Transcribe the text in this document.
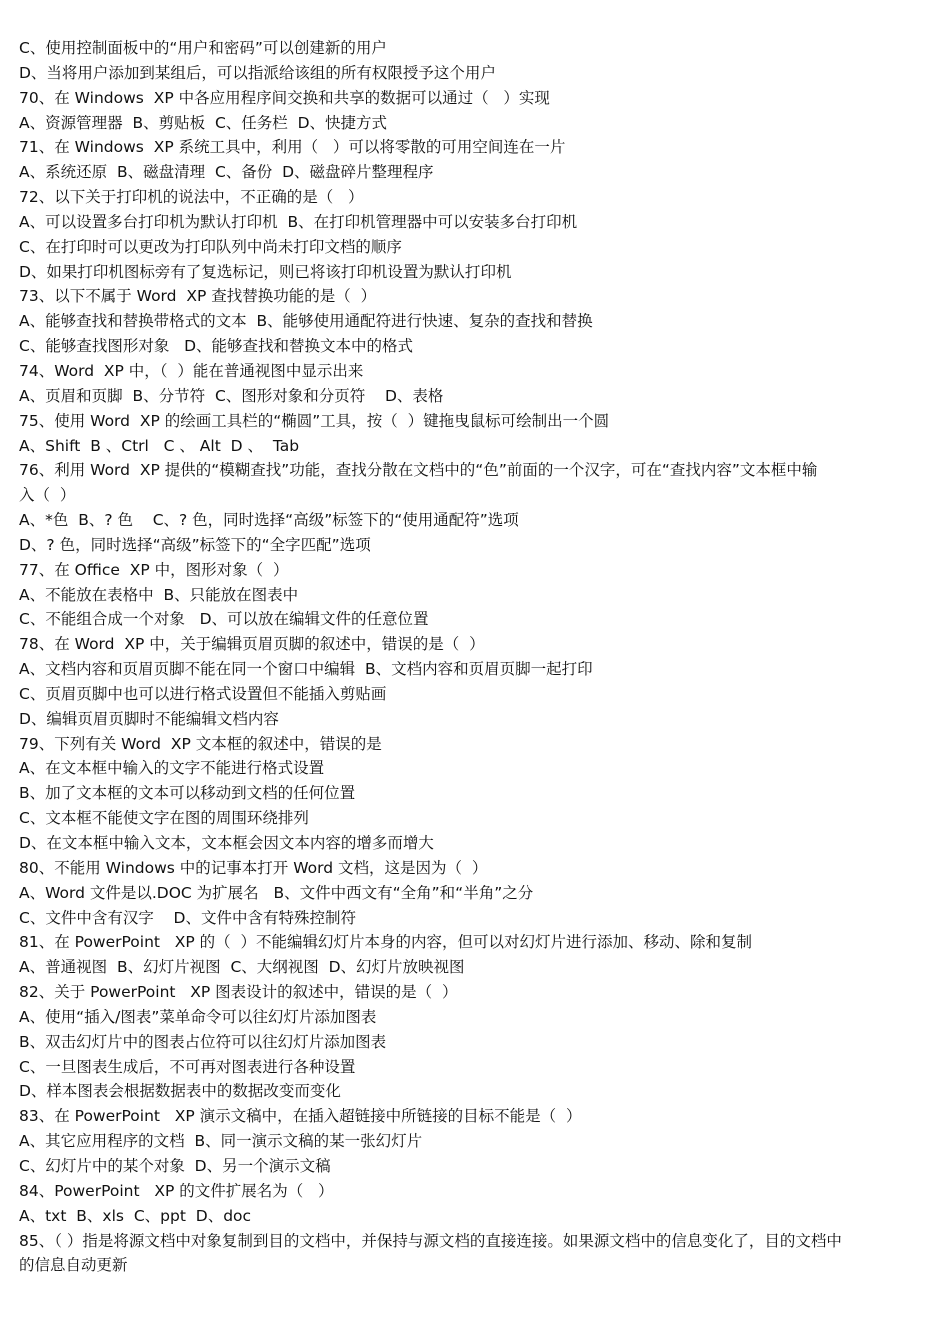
C、使用控制面板中的“用户和密码”可以创建新的用户
D、当将用户添加到某组后，可以指派给该组的所有权限授予这个用户
70、在 Windows  XP 中各应用程序间交换和共享的数据可以通过（   ）实现
A、资源管理器  B、剪贴板  C、任务栏  D、快捷方式
71、在 Windows  XP 系统工具中，利用（   ）可以将零散的可用空间连在一片
A、系统还原  B、磁盘清理  C、备份  D、磁盘碎片整理程序
72、以下关于打印机的说法中，不正确的是（   ）
A、可以设置多台打印机为默认打印机  B、在打印机管理器中可以安装多台打印机
C、在打印时可以更改为打印队列中尚未打印文档的顺序
D、如果打印机图标旁有了复选标记，则已将该打印机设置为默认打印机
73、以下不属于 Word  XP 查找替换功能的是（  ）
A、能够查找和替换带格式的文本  B、能够使用通配符进行快速、复杂的查找和替换
C、能够查找图形对象   D、能够查找和替换文本中的格式
74、Word  XP 中，（  ）能在普通视图中显示出来
A、页眉和页脚  B、分节符  C、图形对象和分页符    D、表格
75、使用 Word  XP 的绘画工具栏的“椭圆”工具，按（  ）键拖曳鼠标可绘制出一个圆
A、Shift  B 、Ctrl   C 、 Alt  D 、  Tab
76、利用 Word  XP 提供的“模糊查找”功能，查找分散在文档中的“色”前面的一个汉字，可在“查找内容”文本框中输
入（  ）
A、*色  B、? 色    C、? 色，同时选择“高级”标签下的“使用通配符”选项
D、? 色，同时选择“高级”标签下的“全字匹配”选项
77、在 Office  XP 中，图形对象（  ）
A、不能放在表格中  B、只能放在图表中
C、不能组合成一个对象   D、可以放在编辑文件的任意位置
78、在 Word  XP 中，关于编辑页眉页脚的叙述中，错误的是（  ）
A、文档内容和页眉页脚不能在同一个窗口中编辑  B、文档内容和页眉页脚一起打印
C、页眉页脚中也可以进行格式设置但不能插入剪贴画
D、编辑页眉页脚时不能编辑文档内容
79、下列有关 Word  XP 文本框的叙述中，错误的是
A、在文本框中输入的文字不能进行格式设置
B、加了文本框的文本可以移动到文档的任何位置
C、文本框不能使文字在图的周围环绕排列
D、在文本框中输入文本，文本框会因文本内容的增多而增大
80、不能用 Windows 中的记事本打开 Word 文档，这是因为（  ）
A、Word 文件是以.DOC 为扩展名   B、文件中西文有“全角”和“半角”之分
C、文件中含有汉字    D、文件中含有特殊控制符
81、在 PowerPoint   XP 的（  ）不能编辑幻灯片本身的内容，但可以对幻灯片进行添加、移动、除和复制
A、普通视图  B、幻灯片视图  C、大纲视图  D、幻灯片放映视图
82、关于 PowerPoint   XP 图表设计的叙述中，错误的是（  ）
A、使用“插入/图表”菜单命令可以往幻灯片添加图表
B、双击幻灯片中的图表占位符可以往幻灯片添加图表
C、一旦图表生成后，不可再对图表进行各种设置
D、样本图表会根据数据表中的数据改变而变化
83、在 PowerPoint   XP 演示文稿中，在插入超链接中所链接的目标不能是（  ）
A、其它应用程序的文档  B、同一演示文稿的某一张幻灯片
C、幻灯片中的某个对象  D、另一个演示文稿
84、PowerPoint   XP 的文件扩展名为（   ）
A、txt  B、xls  C、ppt  D、doc
85、（ ）指是将源文档中对象复制到目的文档中，并保持与源文档的直接连接。如果源文档中的信息变化了，目的文档中
的信息自动更新
